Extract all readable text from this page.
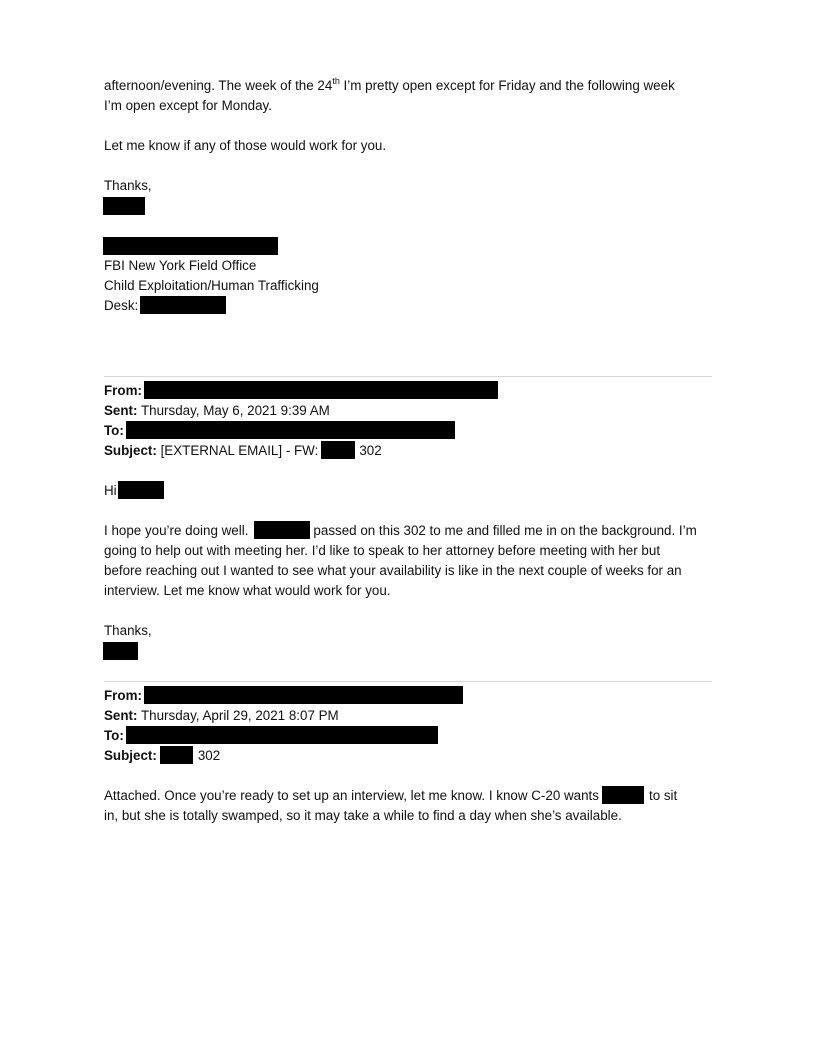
afternoon/evening. The week of the 24th I’m pretty open except for Friday and the following week
I’m open except for Monday.
Let me know if any of those would work for you.
Thanks,
FBI New York Field Office
Child Exploitation/Human Trafficking
Desk:
From:
Sent: Thursday, May 6, 2021 9:39 AM
To:
Subject: [EXTERNAL EMAIL] - FW:	302
Hi
I hope you’re doing well.	passed on this 302 to me and filled me in on the background. I’m
going to help out with meeting her. I’d like to speak to her attorney before meeting with her but
before reaching out I wanted to see what your availability is like in the next couple of weeks for an
interview. Let me know what would work for you.
Thanks,
From:
Sent: Thursday, April 29, 2021 8:07 PM
To:
Subject:	302
Attached. Once you’re ready to set up an interview, let me know. I know C-20 wants	to sit
in, but she is totally swamped, so it may take a while to find a day when she’s available.
